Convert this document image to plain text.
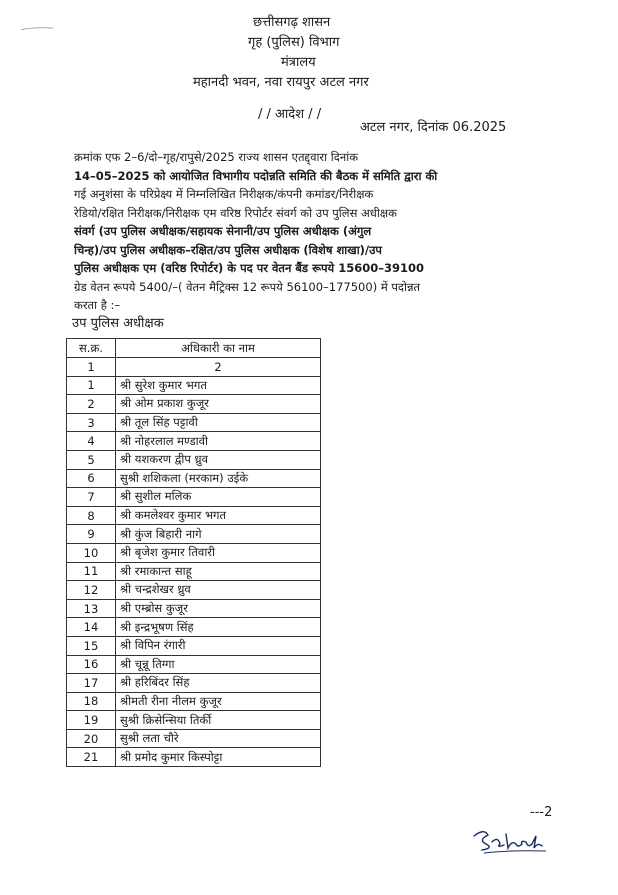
छत्तीसगढ़ शासन
गृह (पुलिस) विभाग
मंत्रालय
महानदी भवन, नवा रायपुर अटल नगर
/ / आदेश / /
अटल नगर, दिनांक 06.2025
क्रमांक एफ 2–6/दो–गृह/रापुसे/2025 राज्य शासन एतद्द्वारा दिनांक
14–05–2025 को आयोजित विभागीय पदोन्नति समिति की बैठक में समिति द्वारा की
गई अनुशंसा के परिप्रेक्ष्य में निम्नलिखित निरीक्षक/कंपनी कमांडर/निरीक्षक
रेडियो/रक्षित निरीक्षक/निरीक्षक एम वरिष्ठ रिपोर्टर संवर्ग को उप पुलिस अधीक्षक
संवर्ग (उप पुलिस अधीक्षक/सहायक सेनानी/उप पुलिस अधीक्षक (अंगुल
चिन्ह)/उप पुलिस अधीक्षक–रक्षित/उप पुलिस अधीक्षक (विशेष शाखा)/उप
पुलिस अधीक्षक एम (वरिष्ठ रिपोर्टर) के पद पर वेतन बैंड रूपये 15600–39100
ग्रेड वेतन रूपये 5400/–( वेतन मैट्रिक्स 12 रूपये 56100–177500) में पदोन्नत
करता है :–
उप पुलिस अधीक्षक
स.क्र.	अधिकारी का नाम
1	2
1	श्री सुरेश कुमार भगत
2	श्री ओम प्रकाश कुजूर
3	श्री तूल सिंह पट्टावी
4	श्री नोहरलाल मण्डावी
5	श्री यशकरण द्वीप ध्रुव
6	सुश्री शशिकला (मरकाम) उईके
7	श्री सुशील मलिक
8	श्री कमलेश्वर कुमार भगत
9	श्री कुंज बिहारी नागे
10	श्री बृजेश कुमार तिवारी
11	श्री रमाकान्त साहू
12	श्री चन्द्रशेखर ध्रुव
13	श्री एम्ब्रोस कुजूर
14	श्री इन्द्रभूषण सिंह
15	श्री विपिन रंगारी
16	श्री चून्नू तिग्गा
17	श्री हरिबिंदर सिंह
18	श्रीमती रीना नीलम कुजूर
19	सुश्री क्रिसेन्सिया तिर्की
20	सुश्री लता चौरे
21	श्री प्रमोद कुमार किस्पोट्टा
---2
